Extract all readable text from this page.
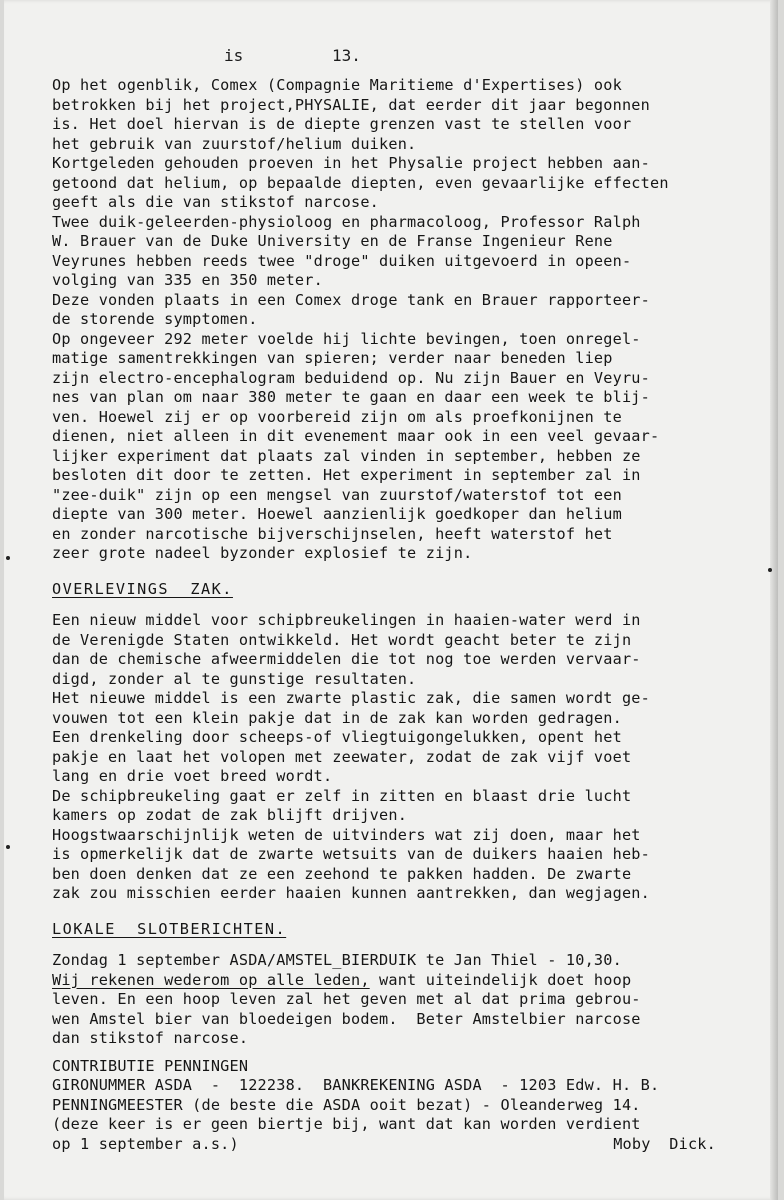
is	13.

Op het ogenblik, Comex (Compagnie Maritieme d'Expertises) ook

betrokken bij het project,PHYSALIE, dat eerder dit jaar begonnen

is. Het doel hiervan is de diepte grenzen vast te stellen voor

het gebruik van zuurstof/helium duiken.

Kortgeleden gehouden proeven in het Physalie project hebben aan-

getoond dat helium, op bepaalde diepten, even gevaarlijke effecten

geeft als die van stikstof narcose.

Twee duik-geleerden-physioloog en pharmacoloog, Professor Ralph

W. Brauer van de Duke University en de Franse Ingenieur Rene

Veyrunes hebben reeds twee "droge" duiken uitgevoerd in opeen-

volging van 335 en 350 meter.

Deze vonden plaats in een Comex droge tank en Brauer rapporteer-

de storende symptomen.

Op ongeveer 292 meter voelde hij lichte bevingen, toen onregel-

matige samentrekkingen van spieren; verder naar beneden liep

zijn electro-encephalogram beduidend op. Nu zijn Bauer en Veyru-

nes van plan om naar 380 meter te gaan en daar een week te blij-

ven. Hoewel zij er op voorbereid zijn om als proefkonijnen te

dienen, niet alleen in dit evenement maar ook in een veel gevaar-

lijker experiment dat plaats zal vinden in september, hebben ze

besloten dit door te zetten. Het experiment in september zal in

"zee-duik" zijn op een mengsel van zuurstof/waterstof tot een

diepte van 300 meter. Hoewel aanzienlijk goedkoper dan helium

en zonder narcotische bijverschijnselen, heeft waterstof het

zeer grote nadeel byzonder explosief te zijn.

OVERLEVINGS  ZAK.

Een nieuw middel voor schipbreukelingen in haaien-water werd in

de Verenigde Staten ontwikkeld. Het wordt geacht beter te zijn

dan de chemische afweermiddelen die tot nog toe werden vervaar-

digd, zonder al te gunstige resultaten.

Het nieuwe middel is een zwarte plastic zak, die samen wordt ge-

vouwen tot een klein pakje dat in de zak kan worden gedragen.

Een drenkeling door scheeps-of vliegtuigongelukken, opent het

pakje en laat het volopen met zeewater, zodat de zak vijf voet

lang en drie voet breed wordt.

De schipbreukeling gaat er zelf in zitten en blaast drie lucht

kamers op zodat de zak blijft drijven.

Hoogstwaarschijnlijk weten de uitvinders wat zij doen, maar het

is opmerkelijk dat de zwarte wetsuits van de duikers haaien heb-

ben doen denken dat ze een zeehond te pakken hadden. De zwarte

zak zou misschien eerder haaien kunnen aantrekken, dan wegjagen.

LOKALE  SLOTBERICHTEN.

Zondag 1 september ASDA/AMSTEL_BIERDUIK te Jan Thiel - 10,30.

Wij rekenen wederom op alle leden, want uiteindelijk doet hoop

leven. En een hoop leven zal het geven met al dat prima gebrou-

wen Amstel bier van bloedeigen bodem.  Beter Amstelbier narcose

dan stikstof narcose.

CONTRIBUTIE PENNINGEN

GIRONUMMER ASDA  -  122238.  BANKREKENING ASDA  - 1203 Edw. H. B.

PENNINGMEESTER (de beste die ASDA ooit bezat) - Oleanderweg 14.

(deze keer is er geen biertje bij, want dat kan worden verdient

op 1 september a.s.)	Moby  Dick.
